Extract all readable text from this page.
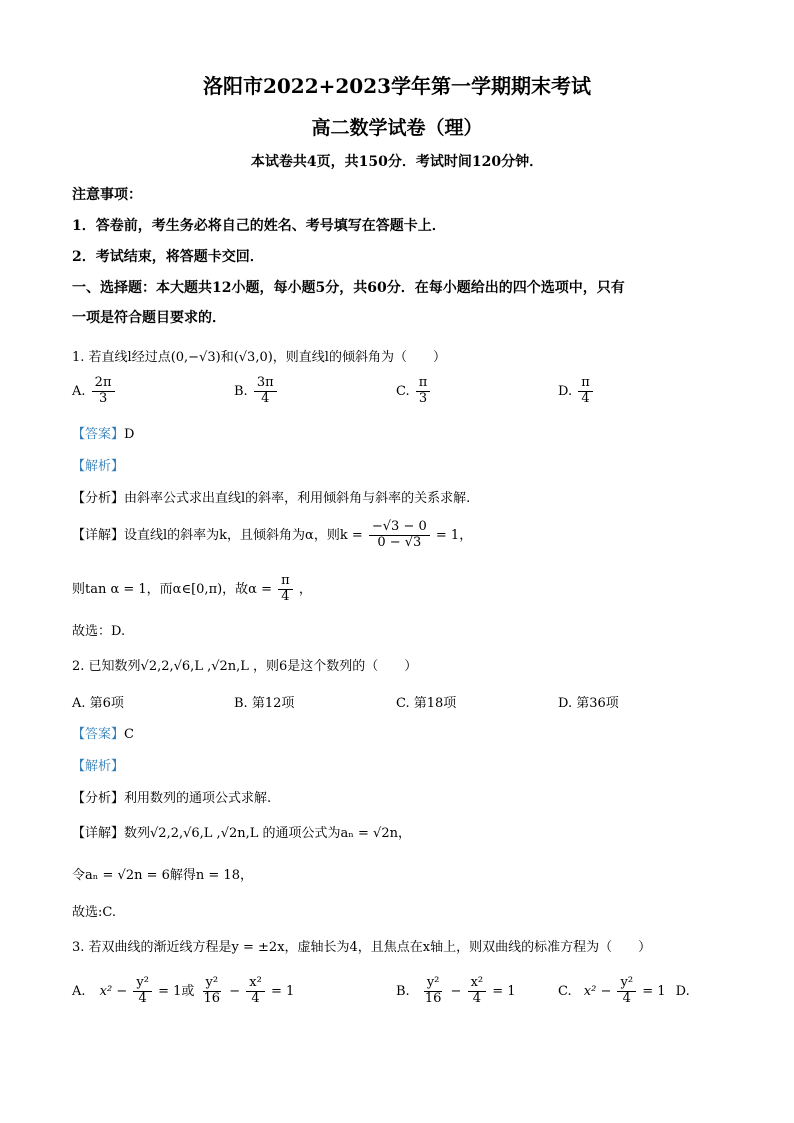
洛阳市2022+2023学年第一学期期末考试
高二数学试卷（理）
本试卷共4页，共150分．考试时间120分钟．
注意事项：
1．答卷前，考生务必将自己的姓名、考号填写在答题卡上．
2．考试结束，将答题卡交回．
一、选择题：本大题共12小题，每小题5分，共60分．在每小题给出的四个选项中，只有
一项是符合题目要求的．
1. 若直线l经过点(0,−√3)和(√3,0)，则直线l的倾斜角为（　　）
A. $\frac{2\pi}{3}$	B. $\frac{3\pi}{4}$	C. $\frac{\pi}{3}$	D. $\frac{\pi}{4}$
【答案】D
【解析】
【分析】由斜率公式求出直线l的斜率，利用倾斜角与斜率的关系求解.
【详解】设直线l的斜率为k，且倾斜角为α，则$k = \frac{-√3 - 0}{0 - √3} = 1$，
则tan α = 1，而α∈[0,π)，故$\alpha = \frac{\pi}{4}$ ，
故选：D.
2. 已知数列√2,2,√6,L ,√2n,L ，则6是这个数列的（　　）
A. 第6项	B. 第12项	C. 第18项	D. 第36项
【答案】C
【解析】
【分析】利用数列的通项公式求解.
【详解】数列√2,2,√6,L ,√2n,L 的通项公式为aₙ = √2n，
令aₙ = √2n = 6解得n = 18，
故选:C.
3. 若双曲线的渐近线方程是y = ±2x，虚轴长为4，且焦点在x轴上，则双曲线的标准方程为（　　）
A. $x^2 - \frac{\text{y²}}{4} = 1$或 $\frac{\text{y²}}{16} - \frac{\text{x²}}{4} = 1$	B. $\frac{\text{y²}}{16} - \frac{\text{x²}}{4} = 1$	C. $x^2 - \frac{\text{y²}}{4} = 1$ D.
